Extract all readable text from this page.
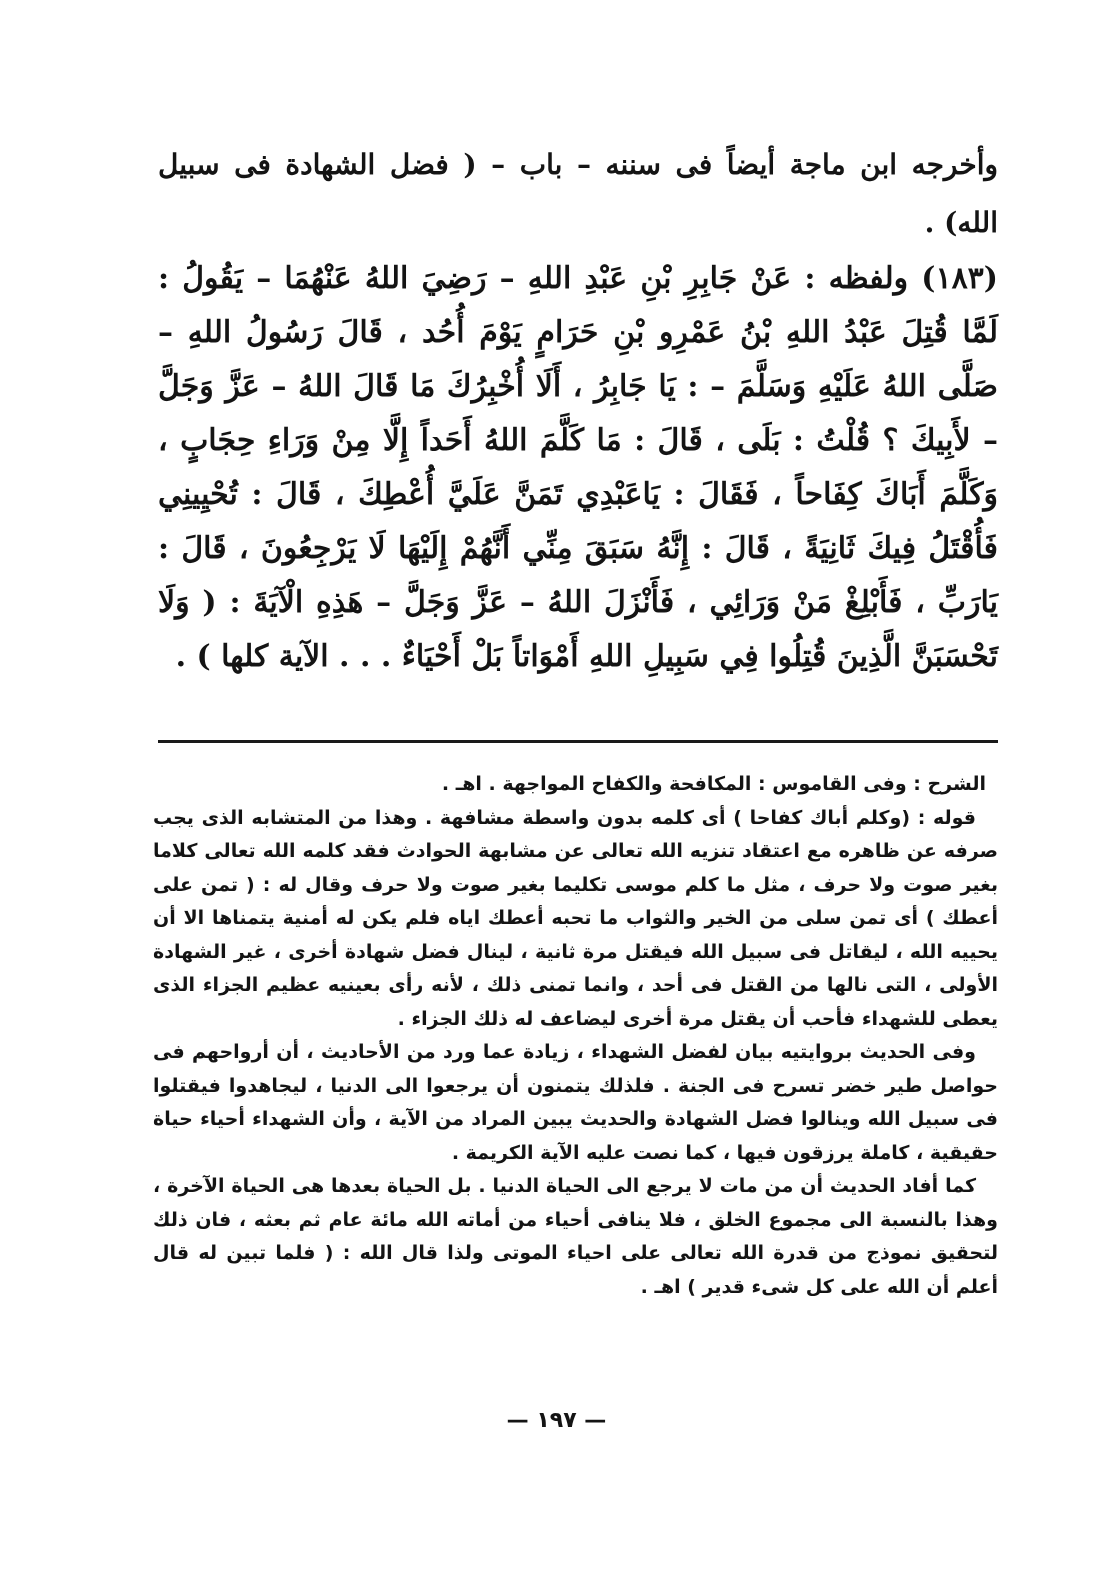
وأخرجه ابن ماجة أيضاً فى سننه – باب – ( فضل الشهادة فى سبيل الله) .
(١٨٣) ولفظه : عَنْ جَابِرِ بْنِ عَبْدِ اللهِ – رَضِيَ اللهُ عَنْهُمَا – يَقُولُ : لَمَّا قُتِلَ عَبْدُ اللهِ بْنُ عَمْرِو بْنِ حَرَامٍ يَوْمَ أُحُد ، قَالَ رَسُولُ اللهِ – صَلَّى اللهُ عَلَيْهِ وَسَلَّمَ – : يَا جَابِرُ ، أَلَا أُخْبِرُكَ مَا قَالَ اللهُ – عَزَّ وَجَلَّ – لأَبِيكَ ؟ قُلْتُ : بَلَى ، قَالَ : مَا كَلَّمَ اللهُ أَحَداً إِلَّا مِنْ وَرَاءِ حِجَابٍ ، وَكَلَّمَ أَبَاكَ كِفَاحاً ، فَقَالَ : يَاعَبْدِي تَمَنَّ عَلَيَّ أُعْطِكَ ، قَالَ : تُحْيِينِي فَأُقْتَلُ فِيكَ ثَانِيَةً ، قَالَ : إِنَّهُ سَبَقَ مِنِّي أَنَّهُمْ إِلَيْهَا لَا يَرْجِعُونَ ، قَالَ : يَارَبِّ ، فَأَبْلِغْ مَنْ وَرَائِي ، فَأَنْزَلَ اللهُ – عَزَّ وَجَلَّ – هَذِهِ الْآيَةَ : ( وَلَا تَحْسَبَنَّ الَّذِينَ قُتِلُوا فِي سَبِيلِ اللهِ أَمْوَاتاً بَلْ أَحْيَاءٌ . . . الآية كلها ) .

الشرح : وفى القاموس : المكافحة والكفاح المواجهة . اهـ .

قوله : (وكلم أباك كفاحا ) أى كلمه بدون واسطة مشافهة . وهذا من المتشابه الذى يجب صرفه عن ظاهره مع اعتقاد تنزيه الله تعالى عن مشابهة الحوادث فقد كلمه الله تعالى كلاما بغير صوت ولا حرف ، مثل ما كلم موسى تكليما بغير صوت ولا حرف وقال له : ( تمن على أعطك ) أى تمن سلى من الخير والثواب ما تحبه أعطك اياه فلم يكن له أمنية يتمناها الا أن يحييه الله ، ليقاتل فى سبيل الله فيقتل مرة ثانية ، لينال فضل شهادة أخرى ، غير الشهادة الأولى ، التى نالها من القتل فى أحد ، وانما تمنى ذلك ، لأنه رأى بعينيه عظيم الجزاء الذى يعطى للشهداء فأحب أن يقتل مرة أخرى ليضاعف له ذلك الجزاء .

وفى الحديث بروايتيه بيان لفضل الشهداء ، زيادة عما ورد من الأحاديث ، أن أرواحهم فى حواصل طير خضر تسرح فى الجنة . فلذلك يتمنون أن يرجعوا الى الدنيا ، ليجاهدوا فيقتلوا فى سبيل الله وينالوا فضل الشهادة والحديث يبين المراد من الآية ، وأن الشهداء أحياء حياة حقيقية ، كاملة يرزقون فيها ، كما نصت عليه الآية الكريمة .

كما أفاد الحديث أن من مات لا يرجع الى الحياة الدنيا . بل الحياة بعدها هى الحياة الآخرة ، وهذا بالنسبة الى مجموع الخلق ، فلا ينافى أحياء من أماته الله مائة عام ثم بعثه ، فان ذلك لتحقيق نموذج من قدرة الله تعالى على احياء الموتى ولذا قال الله : ( فلما تبين له قال أعلم أن الله على كل شىء قدير ) اهـ .

— ١٩٧ —
